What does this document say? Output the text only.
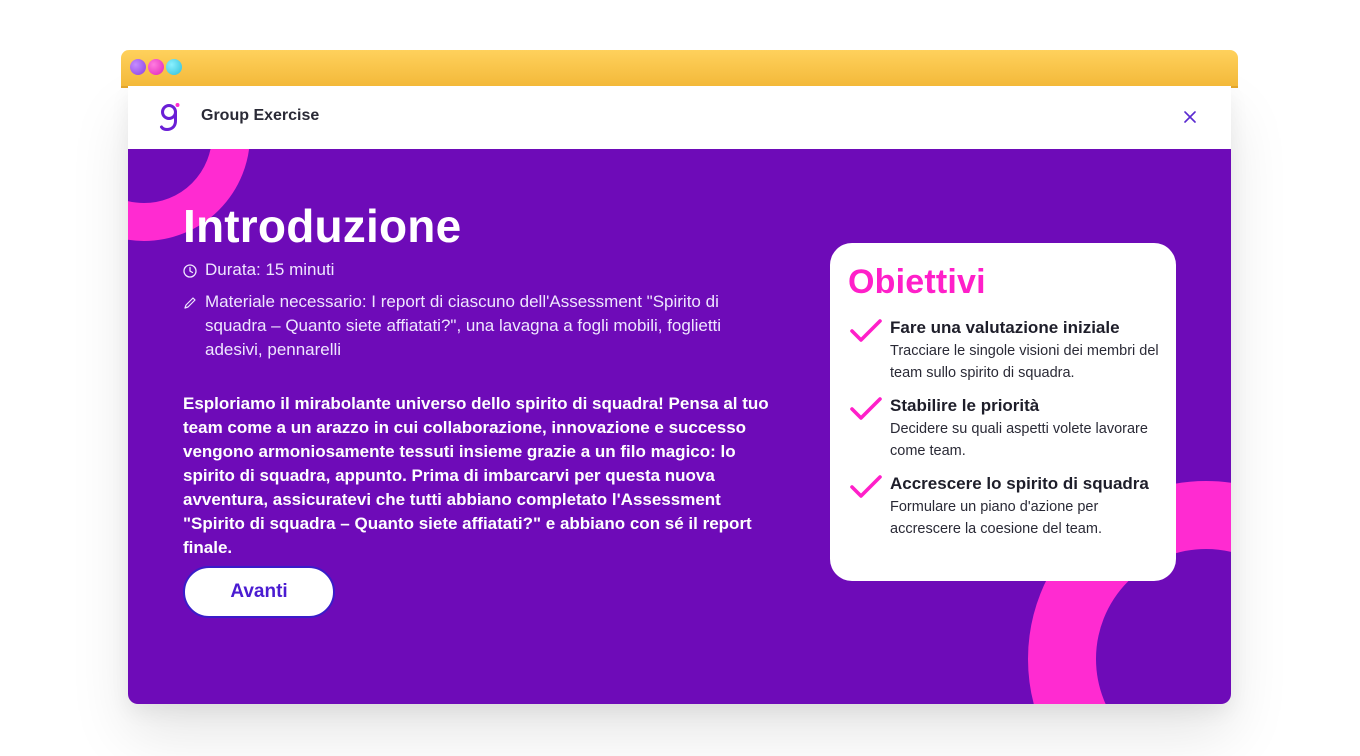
Group Exercise
Introduzione
Durata: 15 minuti
Materiale necessario: I report di ciascuno dell'Assessment "Spirito di squadra – Quanto siete affiatati?", una lavagna a fogli mobili, foglietti adesivi, pennarelli

Esploriamo il mirabolante universo dello spirito di squadra! Pensa al tuo team come a un arazzo in cui collaborazione, innovazione e successo vengono armoniosamente tessuti insieme grazie a un filo magico: lo spirito di squadra, appunto. Prima di imbarcarvi per questa nuova avventura, assicuratevi che tutti abbiano completato l'Assessment "Spirito di squadra – Quanto siete affiatati?" e abbiano con sé il report finale.

Avanti
Obiettivi
Fare una valutazione iniziale
Tracciare le singole visioni dei membri del team sullo spirito di squadra.
Stabilire le priorità
Decidere su quali aspetti volete lavorare come team.
Accrescere lo spirito di squadra
Formulare un piano d'azione per accrescere la coesione del team.
